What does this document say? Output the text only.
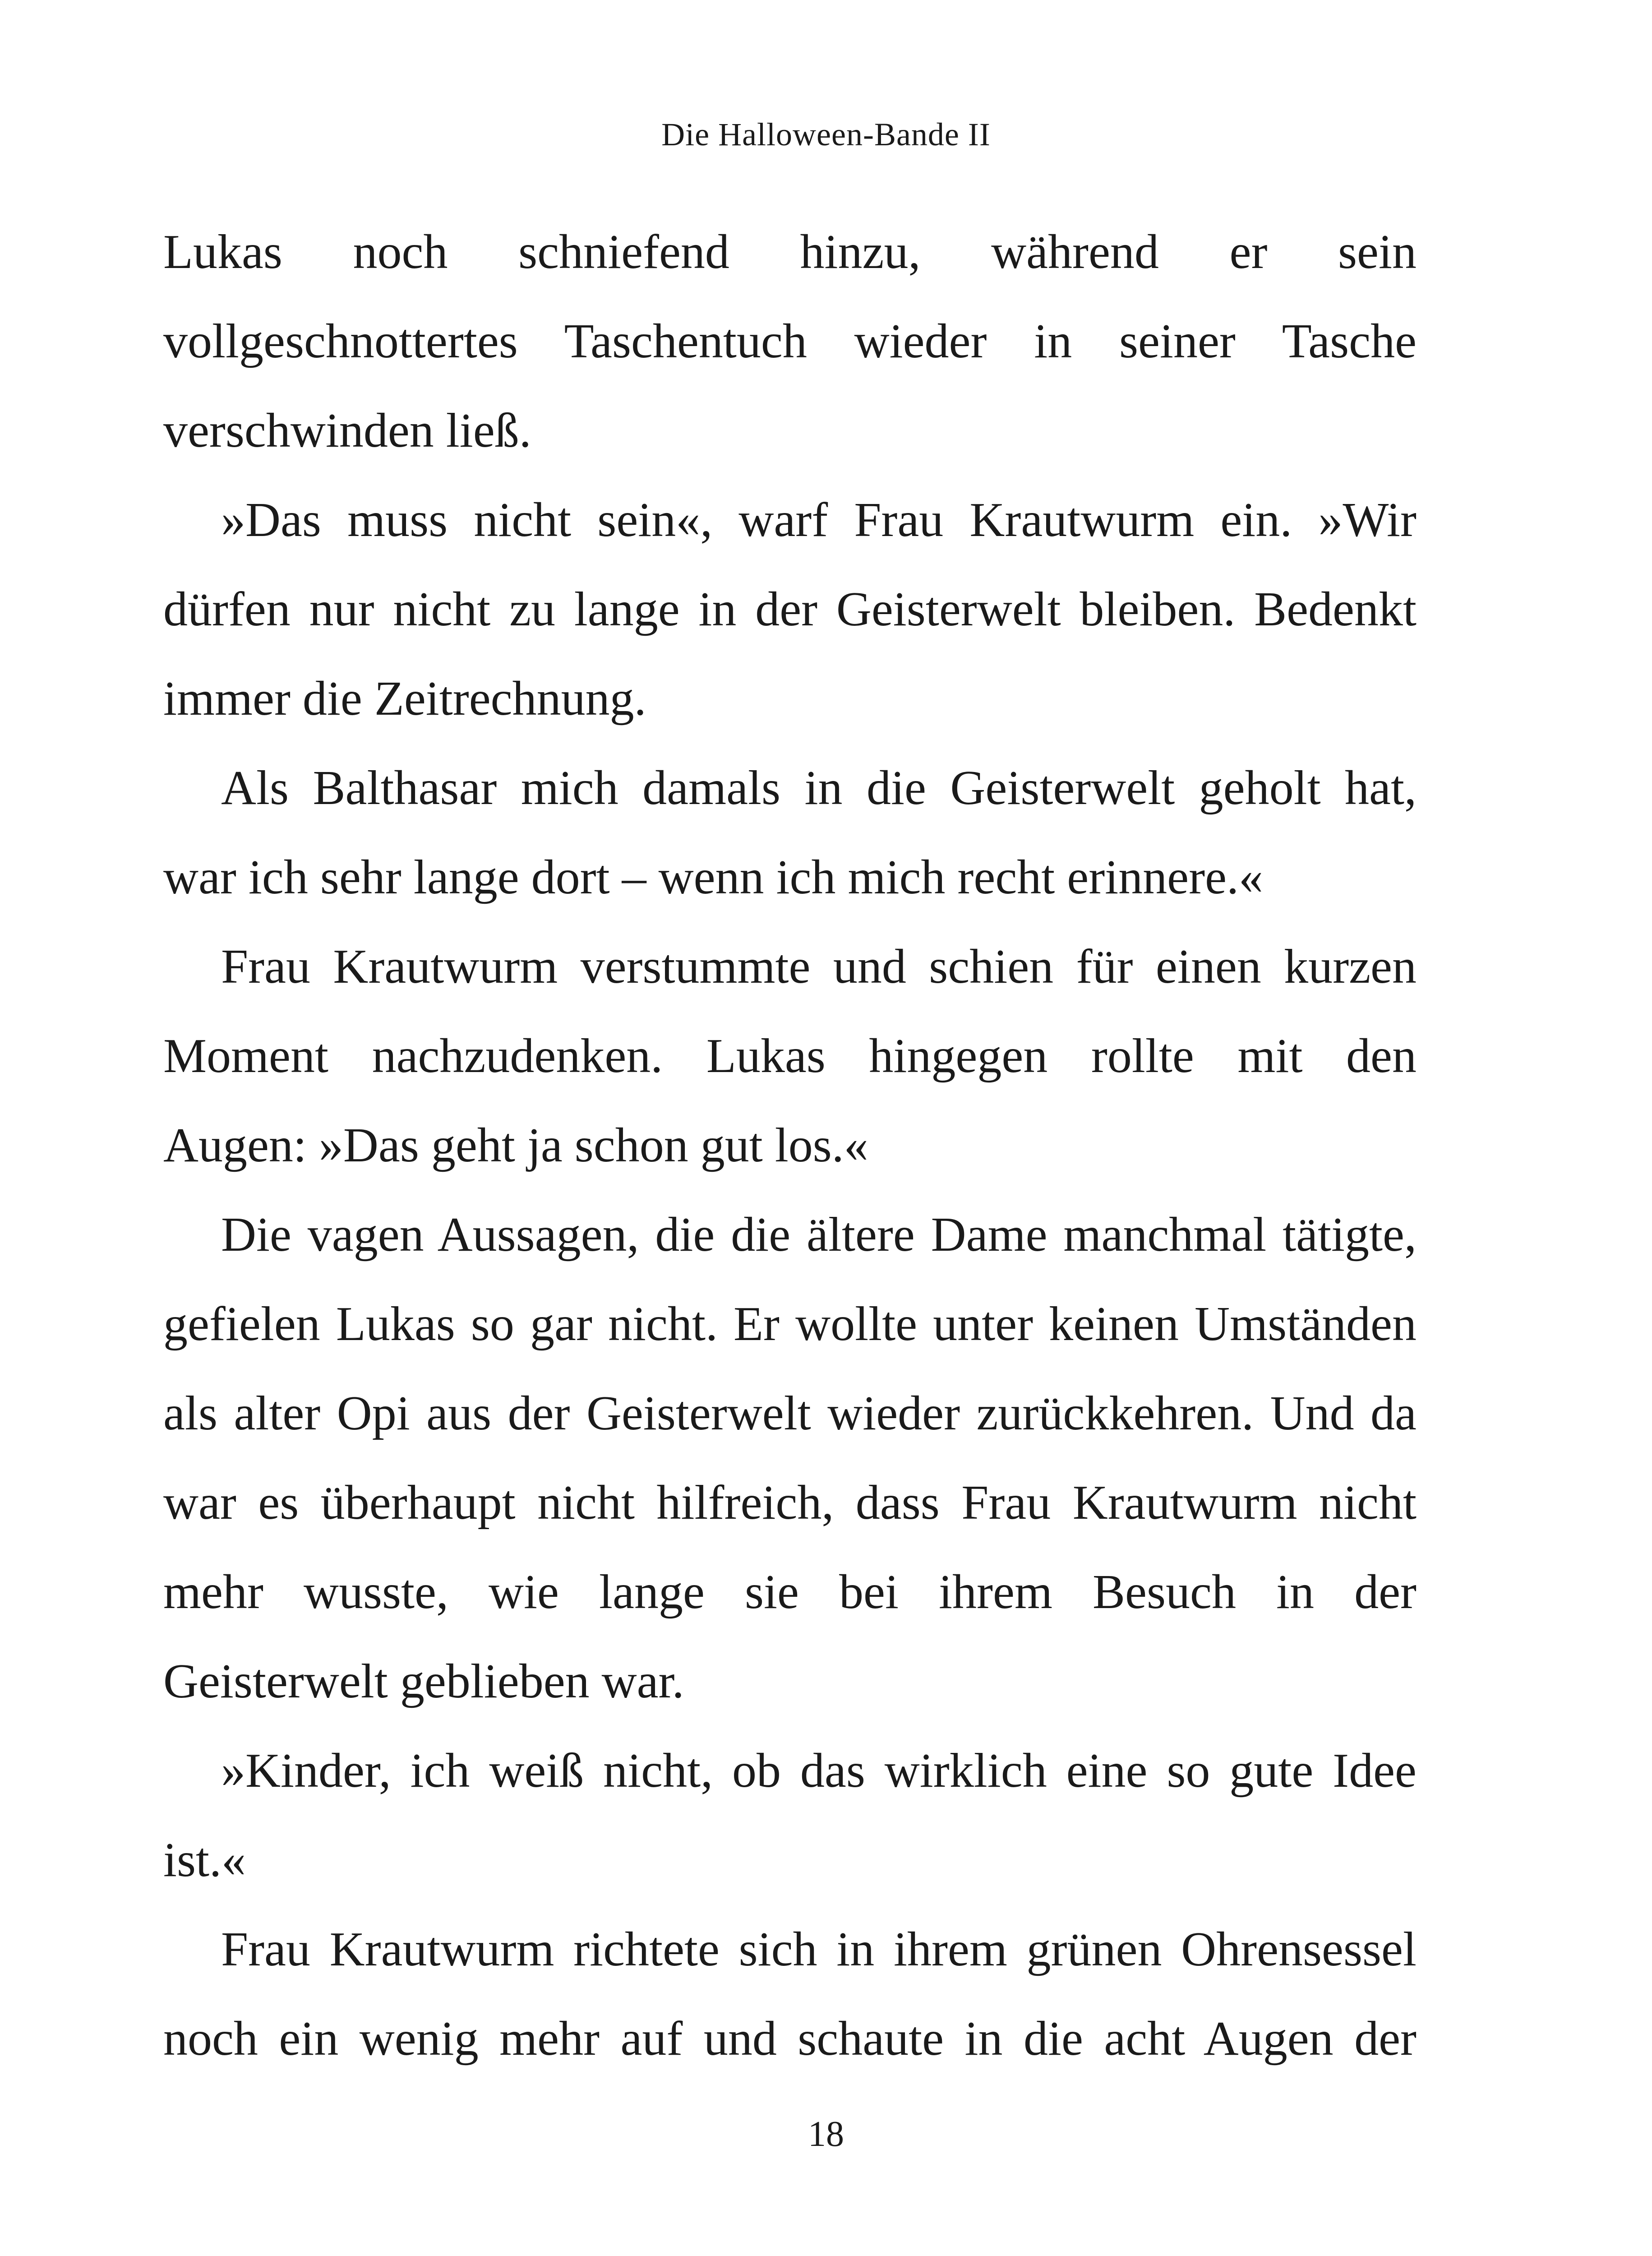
Die Halloween-Bande II
Lukas noch schniefend hinzu, während er sein
vollgeschnottertes Taschentuch wieder in seiner Tasche
verschwinden ließ.
»Das muss nicht sein«, warf Frau Krautwurm ein. »Wir
dürfen nur nicht zu lange in der Geisterwelt bleiben. Bedenkt
immer die Zeitrechnung.
Als Balthasar mich damals in die Geisterwelt geholt hat,
war ich sehr lange dort – wenn ich mich recht erinnere.«
Frau Krautwurm verstummte und schien für einen kurzen
Moment nachzudenken. Lukas hingegen rollte mit den
Augen: »Das geht ja schon gut los.«
Die vagen Aussagen, die die ältere Dame manchmal tätigte,
gefielen Lukas so gar nicht. Er wollte unter keinen Umständen
als alter Opi aus der Geisterwelt wieder zurückkehren. Und da
war es überhaupt nicht hilfreich, dass Frau Krautwurm nicht
mehr wusste, wie lange sie bei ihrem Besuch in der
Geisterwelt geblieben war.
»Kinder, ich weiß nicht, ob das wirklich eine so gute Idee
ist.«
Frau Krautwurm richtete sich in ihrem grünen Ohrensessel
noch ein wenig mehr auf und schaute in die acht Augen der
18
